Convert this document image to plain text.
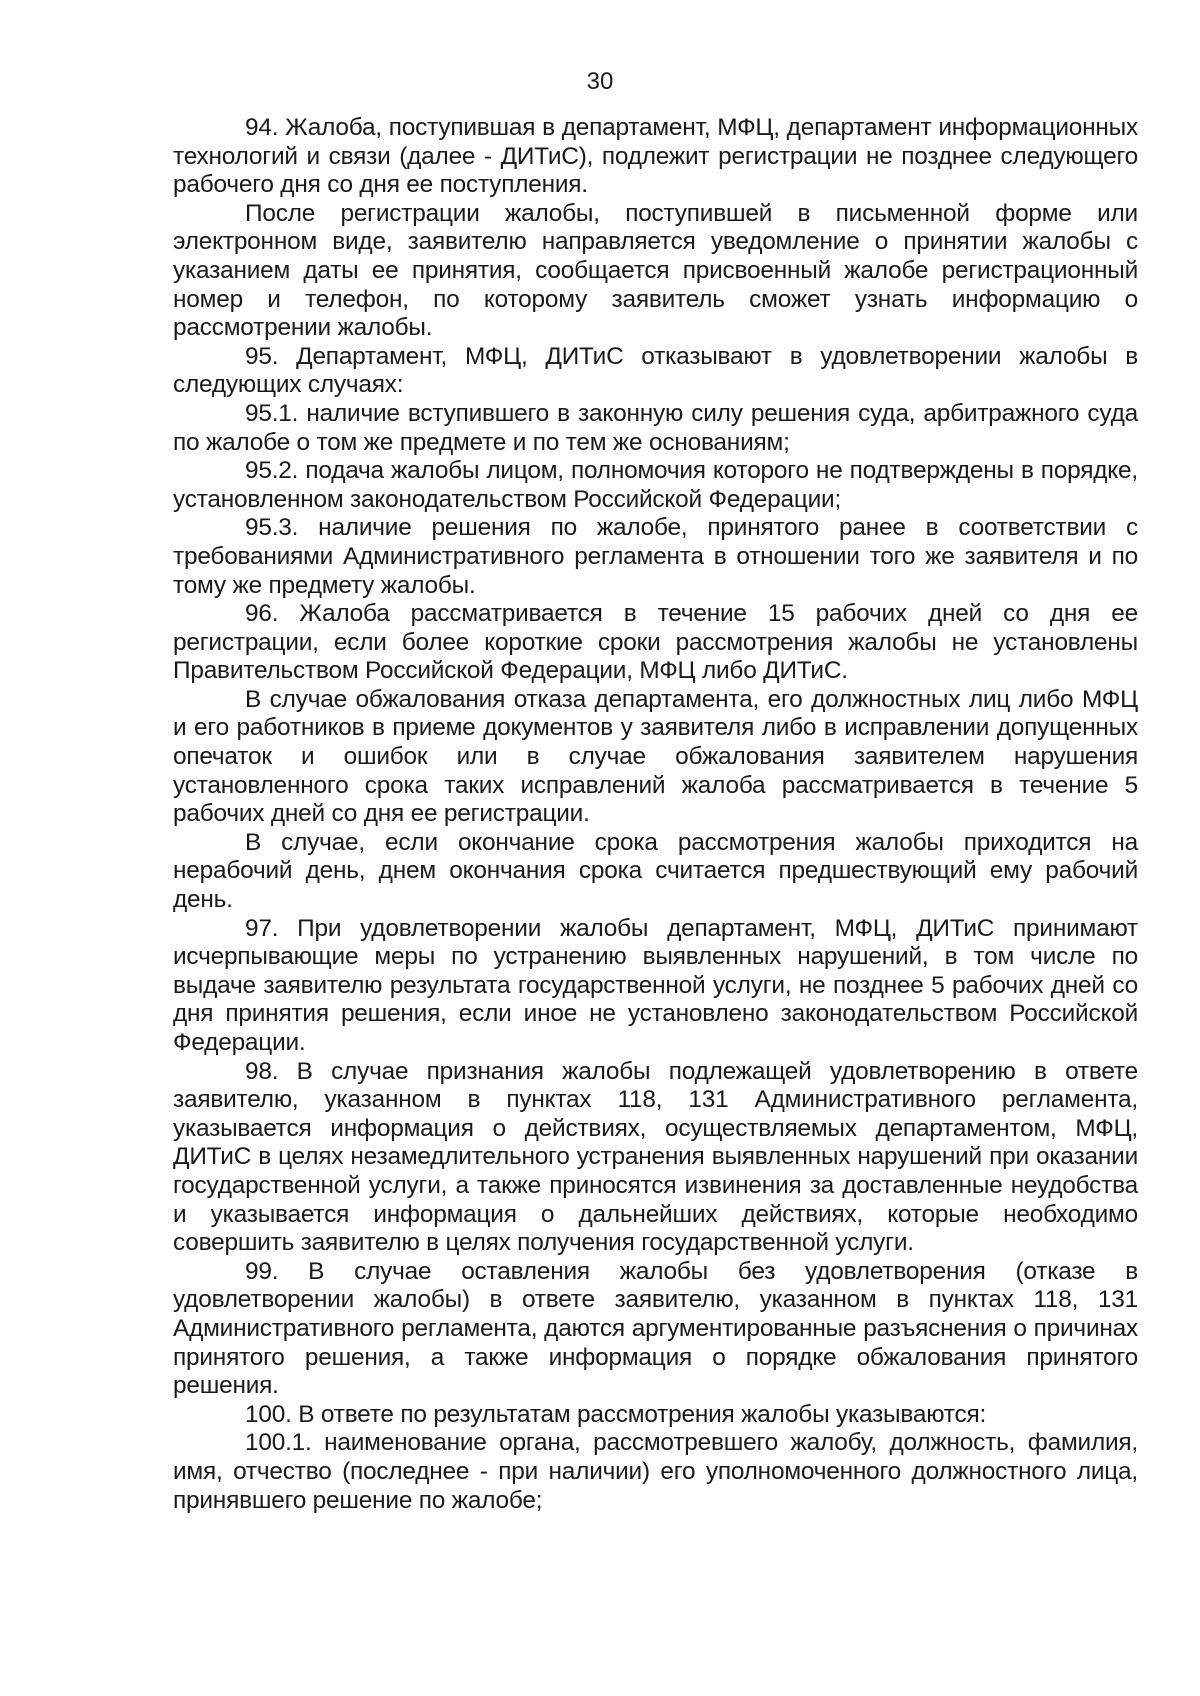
30

94. Жалоба, поступившая в департамент, МФЦ, департамент информационных технологий и связи (далее - ДИТиС), подлежит регистрации не позднее следующего рабочего дня со дня ее поступления.

После регистрации жалобы, поступившей в письменной форме или электронном виде, заявителю направляется уведомление о принятии жалобы с указанием даты ее принятия, сообщается присвоенный жалобе регистрационный номер и телефон, по которому заявитель сможет узнать информацию о рассмотрении жалобы.

95. Департамент, МФЦ, ДИТиС отказывают в удовлетворении жалобы в следующих случаях:

95.1. наличие вступившего в законную силу решения суда, арбитражного суда по жалобе о том же предмете и по тем же основаниям;

95.2. подача жалобы лицом, полномочия которого не подтверждены в порядке, установленном законодательством Российской Федерации;

95.3. наличие решения по жалобе, принятого ранее в соответствии с требованиями Административного регламента в отношении того же заявителя и по тому же предмету жалобы.

96. Жалоба рассматривается в течение 15 рабочих дней со дня ее регистрации, если более короткие сроки рассмотрения жалобы не установлены Правительством Российской Федерации, МФЦ либо ДИТиС.

В случае обжалования отказа департамента, его должностных лиц либо МФЦ и его работников в приеме документов у заявителя либо в исправлении допущенных опечаток и ошибок или в случае обжалования заявителем нарушения установленного срока таких исправлений жалоба рассматривается в течение 5 рабочих дней со дня ее регистрации.

В случае, если окончание срока рассмотрения жалобы приходится на нерабочий день, днем окончания срока считается предшествующий ему рабочий день.

97. При удовлетворении жалобы департамент, МФЦ, ДИТиС принимают исчерпывающие меры по устранению выявленных нарушений, в том числе по выдаче заявителю результата государственной услуги, не позднее 5 рабочих дней со дня принятия решения, если иное не установлено законодательством Российской Федерации.

98. В случае признания жалобы подлежащей удовлетворению в ответе заявителю, указанном в пунктах 118, 131 Административного регламента, указывается информация о действиях, осуществляемых департаментом, МФЦ, ДИТиС в целях незамедлительного устранения выявленных нарушений при оказании государственной услуги, а также приносятся извинения за доставленные неудобства и указывается информация о дальнейших действиях, которые необходимо совершить заявителю в целях получения государственной услуги.

99. В случае оставления жалобы без удовлетворения (отказе в удовлетворении жалобы) в ответе заявителю, указанном в пунктах 118, 131 Административного регламента, даются аргументированные разъяснения о причинах принятого решения, а также информация о порядке обжалования принятого решения.

100. В ответе по результатам рассмотрения жалобы указываются:

100.1. наименование органа, рассмотревшего жалобу, должность, фамилия, имя, отчество (последнее - при наличии) его уполномоченного должностного лица, принявшего решение по жалобе;
